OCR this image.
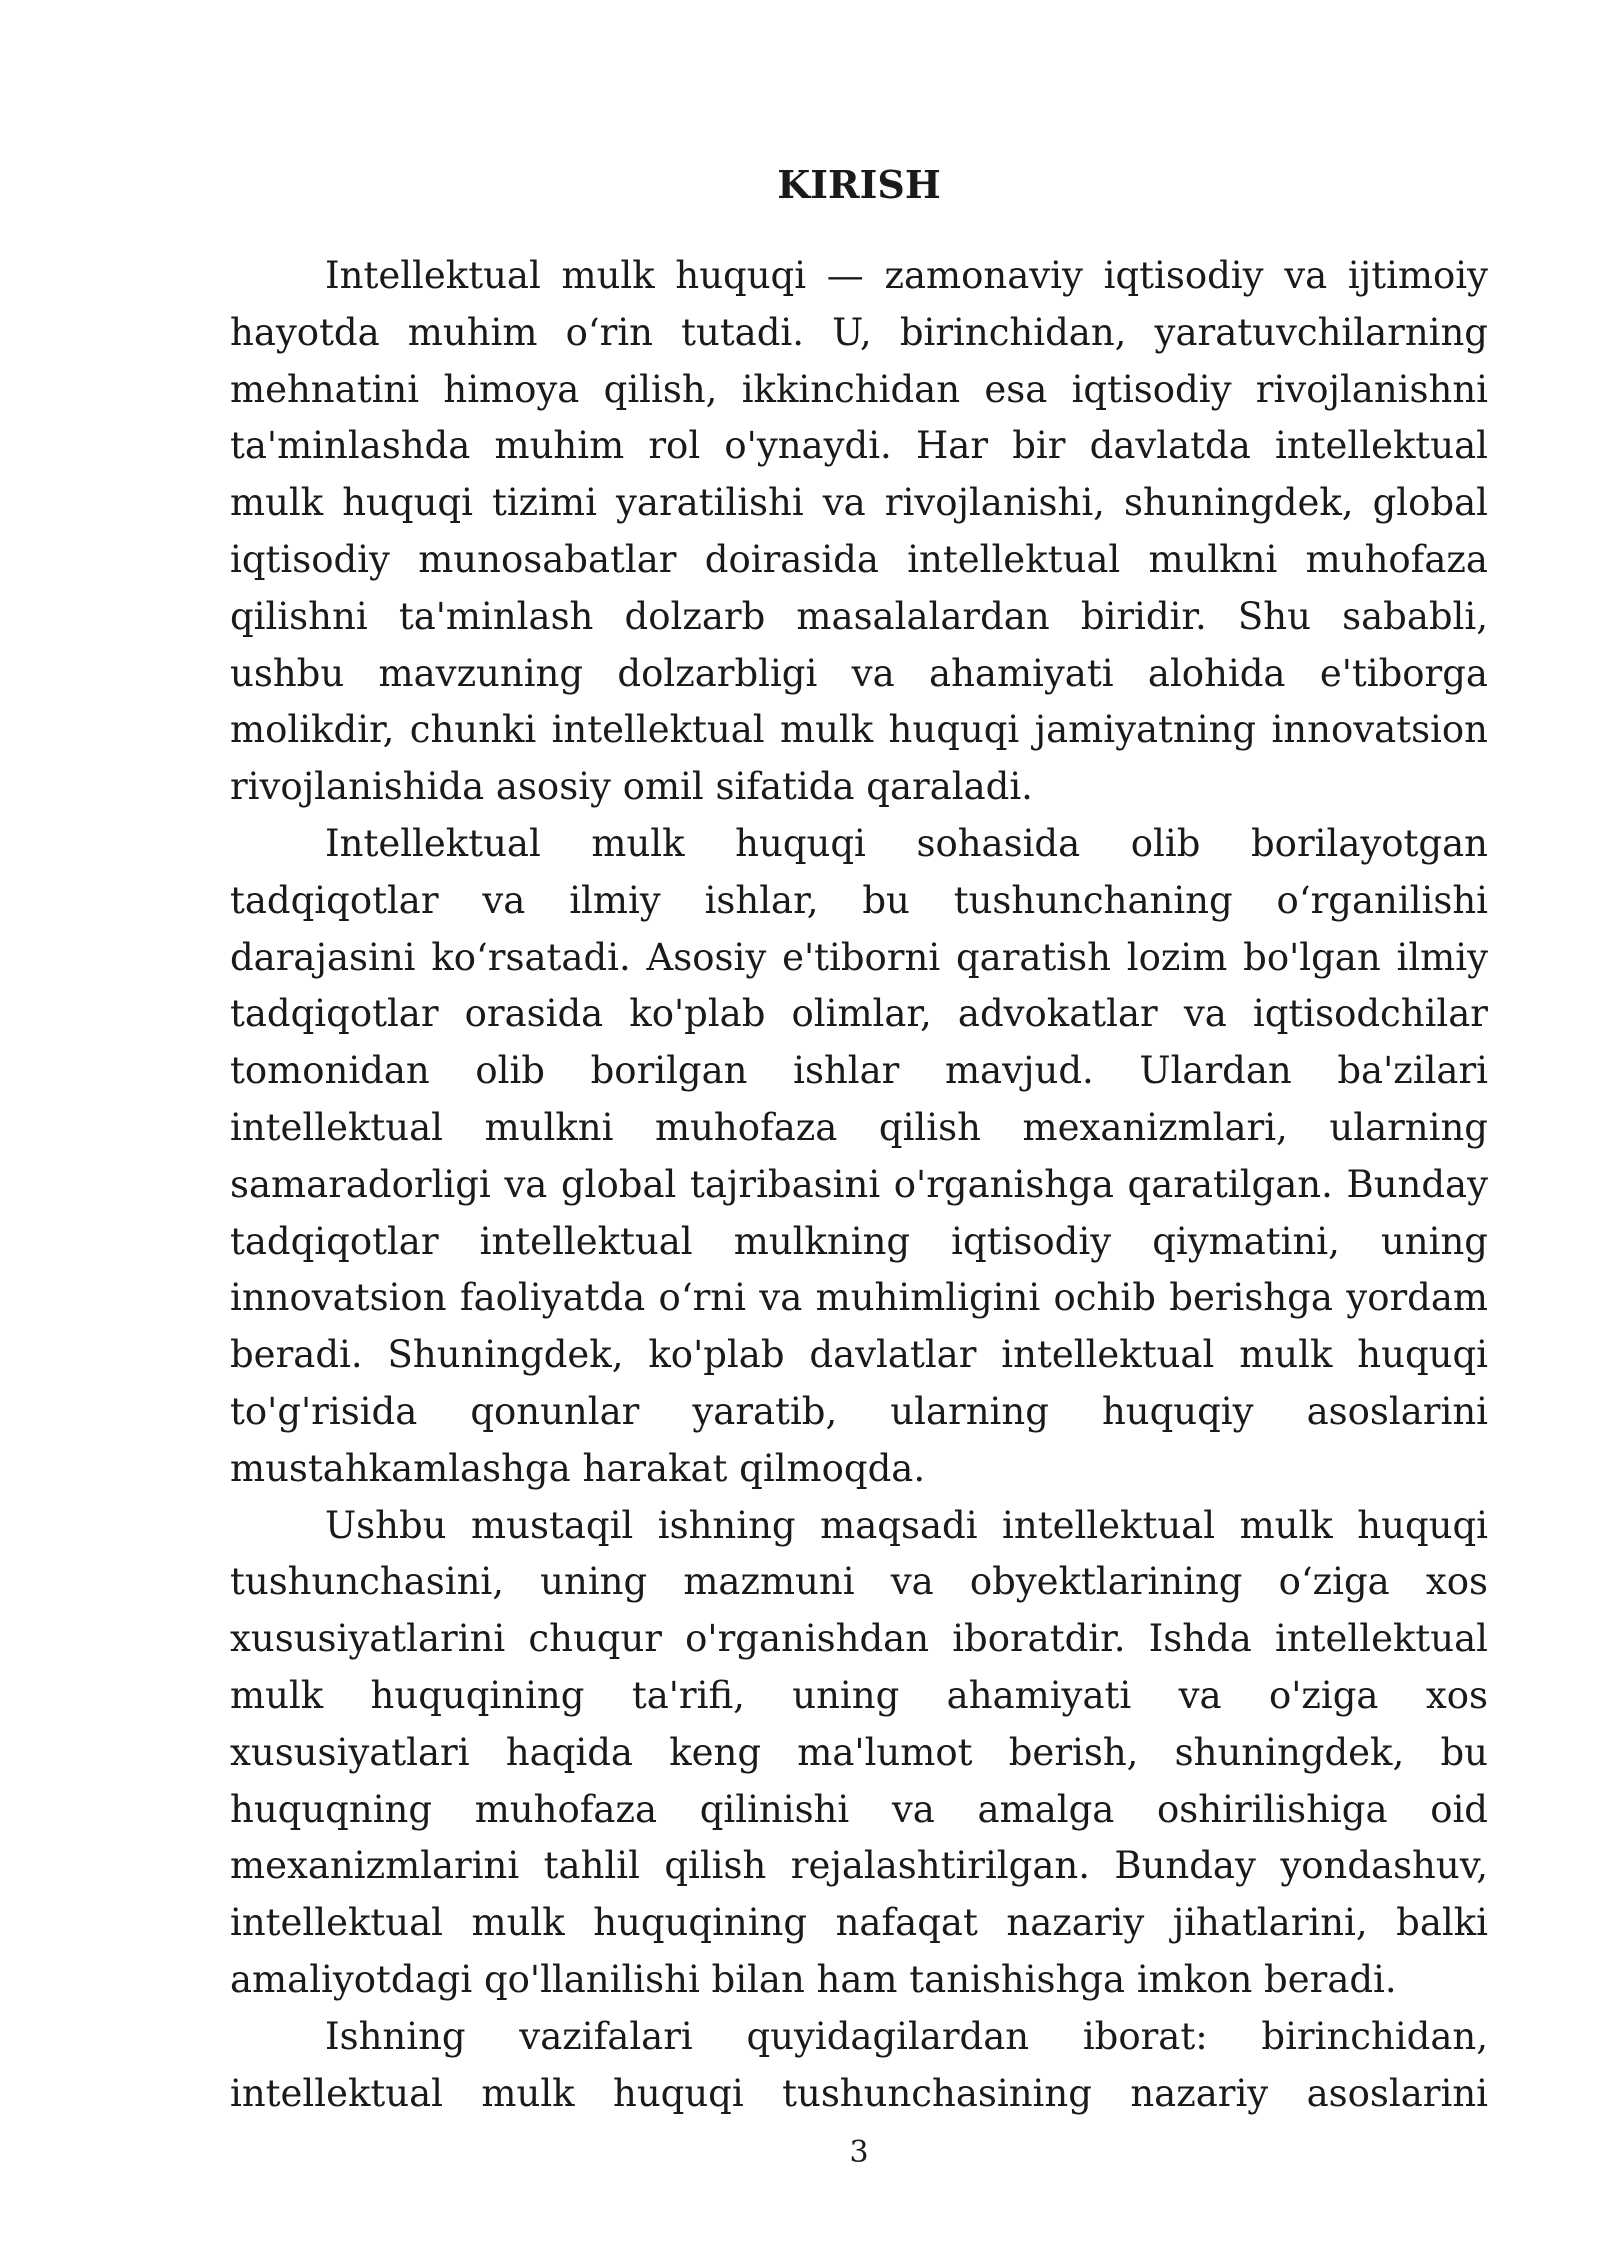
KIRISH

Intellektual mulk huquqi — zamonaviy iqtisodiy va ijtimoiy hayotda muhim o‘rin tutadi. U, birinchidan, yaratuvchilarning mehnatini himoya qilish, ikkinchidan esa iqtisodiy rivojlanishni ta'minlashda muhim rol o'ynaydi. Har bir davlatda intellektual mulk huquqi tizimi yaratilishi va rivojlanishi, shuningdek, global iqtisodiy munosabatlar doirasida intellektual mulkni muhofaza qilishni ta'minlash dolzarb masalalardan biridir. Shu sababli, ushbu mavzuning dolzarbligi va ahamiyati alohida e'tiborga molikdir, chunki intellektual mulk huquqi jamiyatning innovatsion rivojlanishida asosiy omil sifatida qaraladi.

Intellektual mulk huquqi sohasida olib borilayotgan tadqiqotlar va ilmiy ishlar, bu tushunchaning o‘rganilishi darajasini ko‘rsatadi. Asosiy e'tiborni qaratish lozim bo'lgan ilmiy tadqiqotlar orasida ko'plab olimlar, advokatlar va iqtisodchilar tomonidan olib borilgan ishlar mavjud. Ulardan ba'zilari intellektual mulkni muhofaza qilish mexanizmlari, ularning samaradorligi va global tajribasini o'rganishga qaratilgan. Bunday tadqiqotlar intellektual mulkning iqtisodiy qiymatini, uning innovatsion faoliyatda o‘rni va muhimligini ochib berishga yordam beradi. Shuningdek, ko'plab davlatlar intellektual mulk huquqi to'g'risida qonunlar yaratib, ularning huquqiy asoslarini mustahkamlashga harakat qilmoqda.

Ushbu mustaqil ishning maqsadi intellektual mulk huquqi tushunchasini, uning mazmuni va obyektlarining o‘ziga xos xususiyatlarini chuqur o'rganishdan iboratdir. Ishda intellektual mulk huquqining ta'rifi, uning ahamiyati va o'ziga xos xususiyatlari haqida keng ma'lumot berish, shuningdek, bu huquqning muhofaza qilinishi va amalga oshirilishiga oid mexanizmlarini tahlil qilish rejalashtirilgan. Bunday yondashuv, intellektual mulk huquqining nafaqat nazariy jihatlarini, balki amaliyotdagi qo'llanilishi bilan ham tanishishga imkon beradi.

Ishning vazifalari quyidagilardan iborat: birinchidan, intellektual mulk huquqi tushunchasining nazariy asoslarini

3
